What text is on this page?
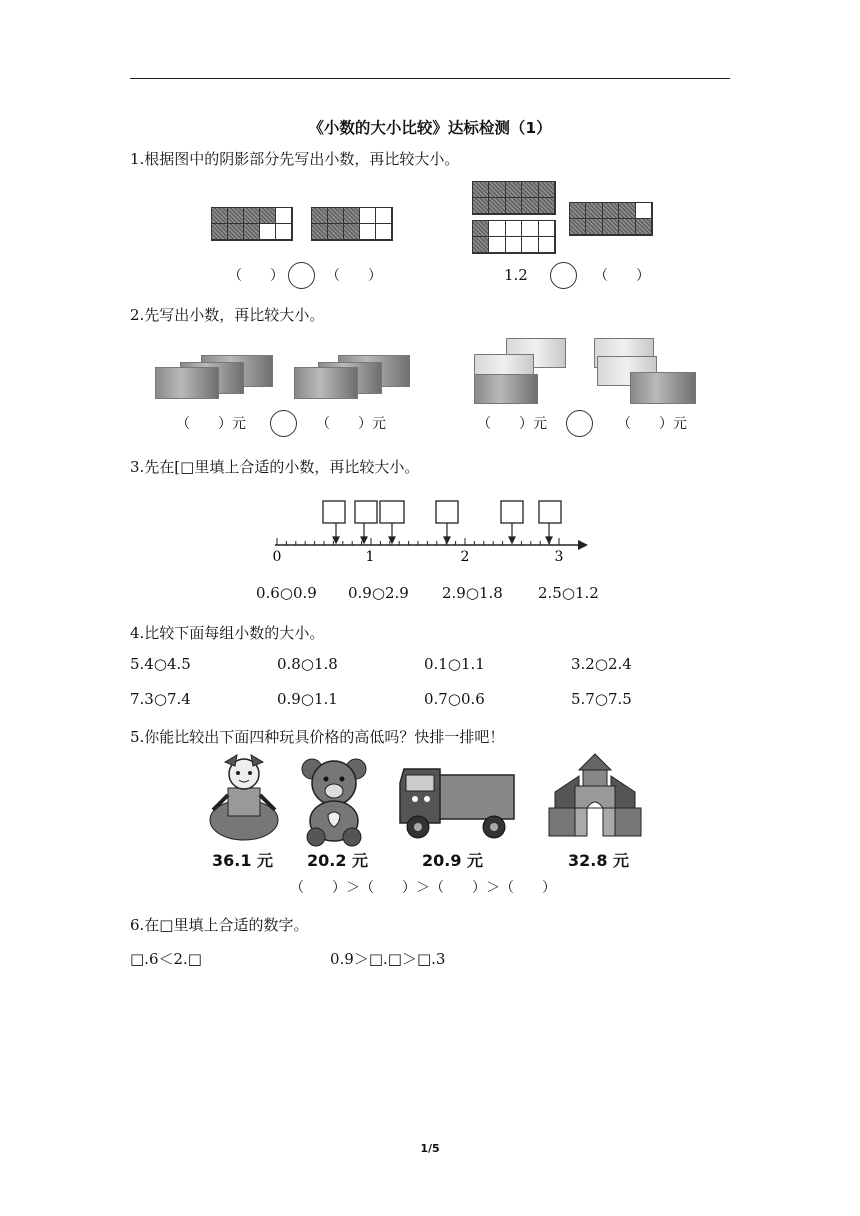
《小数的大小比较》达标检测（1）
1.根据图中的阴影部分先写出小数，再比较大小。
（　　）	（　　）	1.2	（　　）
2.先写出小数，再比较大小。
（　　）元	（　　）元	（　　）元	（　　）元
3.先在[□里填上合适的小数，再比较大小。
0	1	2	3
0.6○0.9 0.9○2.9 2.9○1.8 2.5○1.2
4.比较下面每组小数的大小。
5.4○4.5	0.8○1.8	0.1○1.1	3.2○2.4
7.3○7.4	0.9○1.1	0.7○0.6	5.7○7.5
5.你能比较出下面四种玩具价格的高低吗？快排一排吧！
36.1 元 20.2 元	20.9 元	32.8 元
（　　）＞（　　）＞（　　）＞（　　）
6.在□里填上合适的数字。
□.6＜2.□	0.9＞□.□＞□.3
1/5
